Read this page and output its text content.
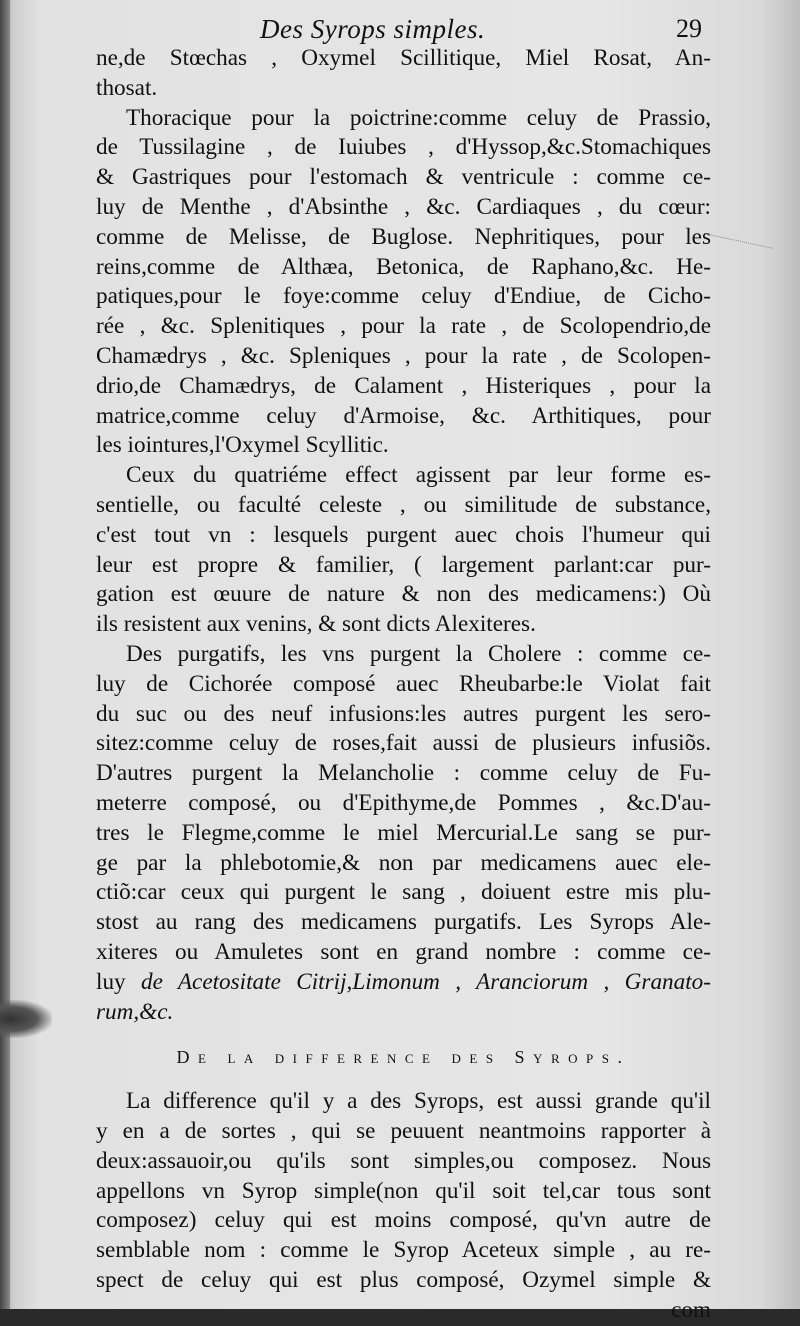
Des Syrops simples.	29
ne,de Stœchas , Oxymel Scillitique, Miel Rosat, An-
thosat.
Thoracique pour la poictrine:comme celuy de Prassio,
de Tussilagine , de Iuiubes , d'Hyssop,&c.Stomachiques
& Gastriques pour l'estomach & ventricule : comme ce-
luy de Menthe , d'Absinthe , &c. Cardiaques , du cœur:
comme de Melisse, de Buglose. Nephritiques, pour les
reins,comme de Althæa, Betonica, de Raphano,&c. He-
patiques,pour le foye:comme celuy d'Endiue, de Cicho-
rée , &c. Splenitiques , pour la rate , de Scolopendrio,de
Chamædrys , &c. Spleniques , pour la rate , de Scolopen-
drio,de Chamædrys, de Calament , Histeriques , pour la
matrice,comme celuy d'Armoise, &c. Arthitiques, pour
les iointures,l'Oxymel Scyllitic.
Ceux du quatriéme effect agissent par leur forme es-
sentielle, ou faculté celeste , ou similitude de substance,
c'est tout vn : lesquels purgent auec chois l'humeur qui
leur est propre & familier, ( largement parlant:car pur-
gation est œuure de nature & non des medicamens:) Où
ils resistent aux venins, & sont dicts Alexiteres.
Des purgatifs, les vns purgent la Cholere : comme ce-
luy de Cichorée composé auec Rheubarbe:le Violat fait
du suc ou des neuf infusions:les autres purgent les sero-
sitez:comme celuy de roses,fait aussi de plusieurs infusiõs.
D'autres purgent la Melancholie : comme celuy de Fu-
meterre composé, ou d'Epithyme,de Pommes , &c.D'au-
tres le Flegme,comme le miel Mercurial.Le sang se pur-
ge par la phlebotomie,& non par medicamens auec ele-
ctiõ:car ceux qui purgent le sang , doiuent estre mis plu-
stost au rang des medicamens purgatifs. Les Syrops Ale-
xiteres ou Amuletes sont en grand nombre : comme ce-
luy de Acetositate Citrij,Limonum , Aranciorum , Granato-
rum,&c.
De la difference des Syrops.
La difference qu'il y a des Syrops, est aussi grande qu'il
y en a de sortes , qui se peuuent neantmoins rapporter à
deux:assauoir,ou qu'ils sont simples,ou composez. Nous
appellons vn Syrop simple(non qu'il soit tel,car tous sont
composez) celuy qui est moins composé, qu'vn autre de
semblable nom : comme le Syrop Aceteux simple , au re-
spect de celuy qui est plus composé, Ozymel simple &
com
